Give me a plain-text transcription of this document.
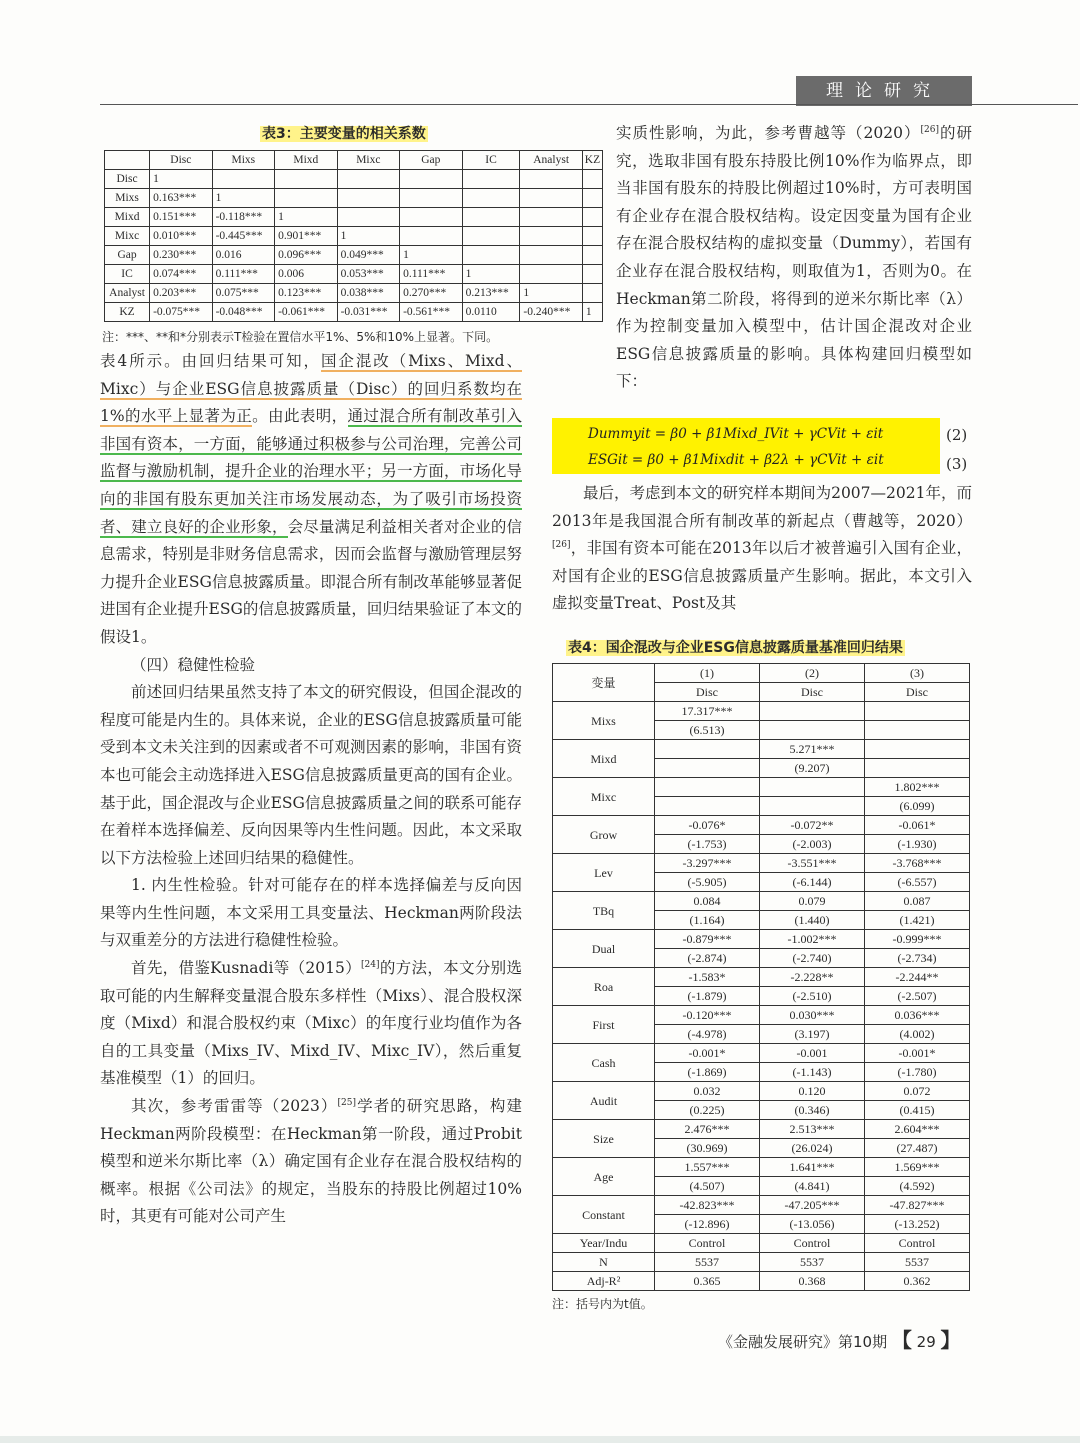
理论研究
表3：主要变量的相关系数
	Disc	Mixs	Mixd	Mixc	Gap	IC	Analyst	KZ
Disc	1							
Mixs	0.163***	1						
Mixd	0.151***	-0.118***	1					
Mixc	0.010***	-0.445***	0.901***	1				
Gap	0.230***	0.016	0.096***	0.049***	1			
IC	0.074***	0.111***	0.006	0.053***	0.111***	1		
Analyst	0.203***	0.075***	0.123***	0.038***	0.270***	0.213***	1	
KZ	-0.075***	-0.048***	-0.061***	-0.031***	-0.561***	0.0110	-0.240***	1
注：***、**和*分别表示T检验在置信水平1%、5%和10%上显著。下同。

表4所示。由回归结果可知，国企混改（Mixs、Mixd、Mixc）与企业ESG信息披露质量（Disc）的回归系数均在1%的水平上显著为正。由此表明，通过混合所有制改革引入非国有资本，一方面，能够通过积极参与公司治理，完善公司监督与激励机制，提升企业的治理水平；另一方面，市场化导向的非国有股东更加关注市场发展动态，为了吸引市场投资者、建立良好的企业形象，会尽量满足利益相关者对企业的信息需求，特别是非财务信息需求，因而会监督与激励管理层努力提升企业ESG信息披露质量。即混合所有制改革能够显著促进国有企业提升ESG的信息披露质量，回归结果验证了本文的假设1。

（四）稳健性检验

前述回归结果虽然支持了本文的研究假设，但国企混改的程度可能是内生的。具体来说，企业的ESG信息披露质量可能受到本文未关注到的因素或者不可观测因素的影响，非国有资本也可能会主动选择进入ESG信息披露质量更高的国有企业。基于此，国企混改与企业ESG信息披露质量之间的联系可能存在着样本选择偏差、反向因果等内生性问题。因此，本文采取以下方法检验上述回归结果的稳健性。

1. 内生性检验。针对可能存在的样本选择偏差与反向因果等内生性问题，本文采用工具变量法、Heckman两阶段法与双重差分的方法进行稳健性检验。

首先，借鉴Kusnadi等（2015）[24]的方法，本文分别选取可能的内生解释变量混合股东多样性（Mixs）、混合股权深度（Mixd）和混合股权约束（Mixc）的年度行业均值作为各自的工具变量（Mixs_IV、Mixd_IV、Mixc_IV），然后重复基准模型（1）的回归。

其次，参考雷雷等（2023）[25]学者的研究思路，构建Heckman两阶段模型：在Heckman第一阶段，通过Probit模型和逆米尔斯比率（λ）确定国有企业存在混合股权结构的概率。根据《公司法》的规定，当股东的持股比例超过10%时，其更有可能对公司产生

实质性影响，为此，参考曹越等（2020）[26]的研究，选取非国有股东持股比例10%作为临界点，即当非国有股东的持股比例超过10%时，方可表明国有企业存在混合股权结构。设定因变量为国有企业存在混合股权结构的虚拟变量（Dummy），若国有企业存在混合股权结构，则取值为1，否则为0。在Heckman第二阶段，将得到的逆米尔斯比率（λ）作为控制变量加入模型中，估计国企混改对企业ESG信息披露质量的影响。具体构建回归模型如下：

Dummyit = β0 + β1Mixd_IVit + γCVit + εit
ESGit = β0 + β1Mixdit + β2λ + γCVit + εit
(2)
(3)

最后，考虑到本文的研究样本期间为2007—2021年，而2013年是我国混合所有制改革的新起点（曹越等，2020）[26]，非国有资本可能在2013年以后才被普遍引入国有企业，对国有企业的ESG信息披露质量产生影响。据此，本文引入虚拟变量Treat、Post及其

表4：国企混改与企业ESG信息披露质量基准回归结果
变量	(1)	(2)	(3)
	Disc	Disc	Disc
Mixs	17.317***		
	(6.513)		
Mixd		5.271***	
		(9.207)	
Mixc			1.802***
			(6.099)
Grow	-0.076*	-0.072**	-0.061*
	(-1.753)	(-2.003)	(-1.930)
Lev	-3.297***	-3.551***	-3.768***
	(-5.905)	(-6.144)	(-6.557)
TBq	0.084	0.079	0.087
	(1.164)	(1.440)	(1.421)
Dual	-0.879***	-1.002***	-0.999***
	(-2.874)	(-2.740)	(-2.734)
Roa	-1.583*	-2.228**	-2.244**
	(-1.879)	(-2.510)	(-2.507)
First	-0.120***	0.030***	0.036***
	(-4.978)	(3.197)	(4.002)
Cash	-0.001*	-0.001	-0.001*
	(-1.869)	(-1.143)	(-1.780)
Audit	0.032	0.120	0.072
	(0.225)	(0.346)	(0.415)
Size	2.476***	2.513***	2.604***
	(30.969)	(26.024)	(27.487)
Age	1.557***	1.641***	1.569***
	(4.507)	(4.841)	(4.592)
Constant	-42.823***	-47.205***	-47.827***
	(-12.896)	(-13.056)	(-13.252)
Year/Indu	Control	Control	Control
N	5537	5537	5537
Adj-R²	0.365	0.368	0.362
注：括号内为t值。
《金融发展研究》第10期 【 29 】
